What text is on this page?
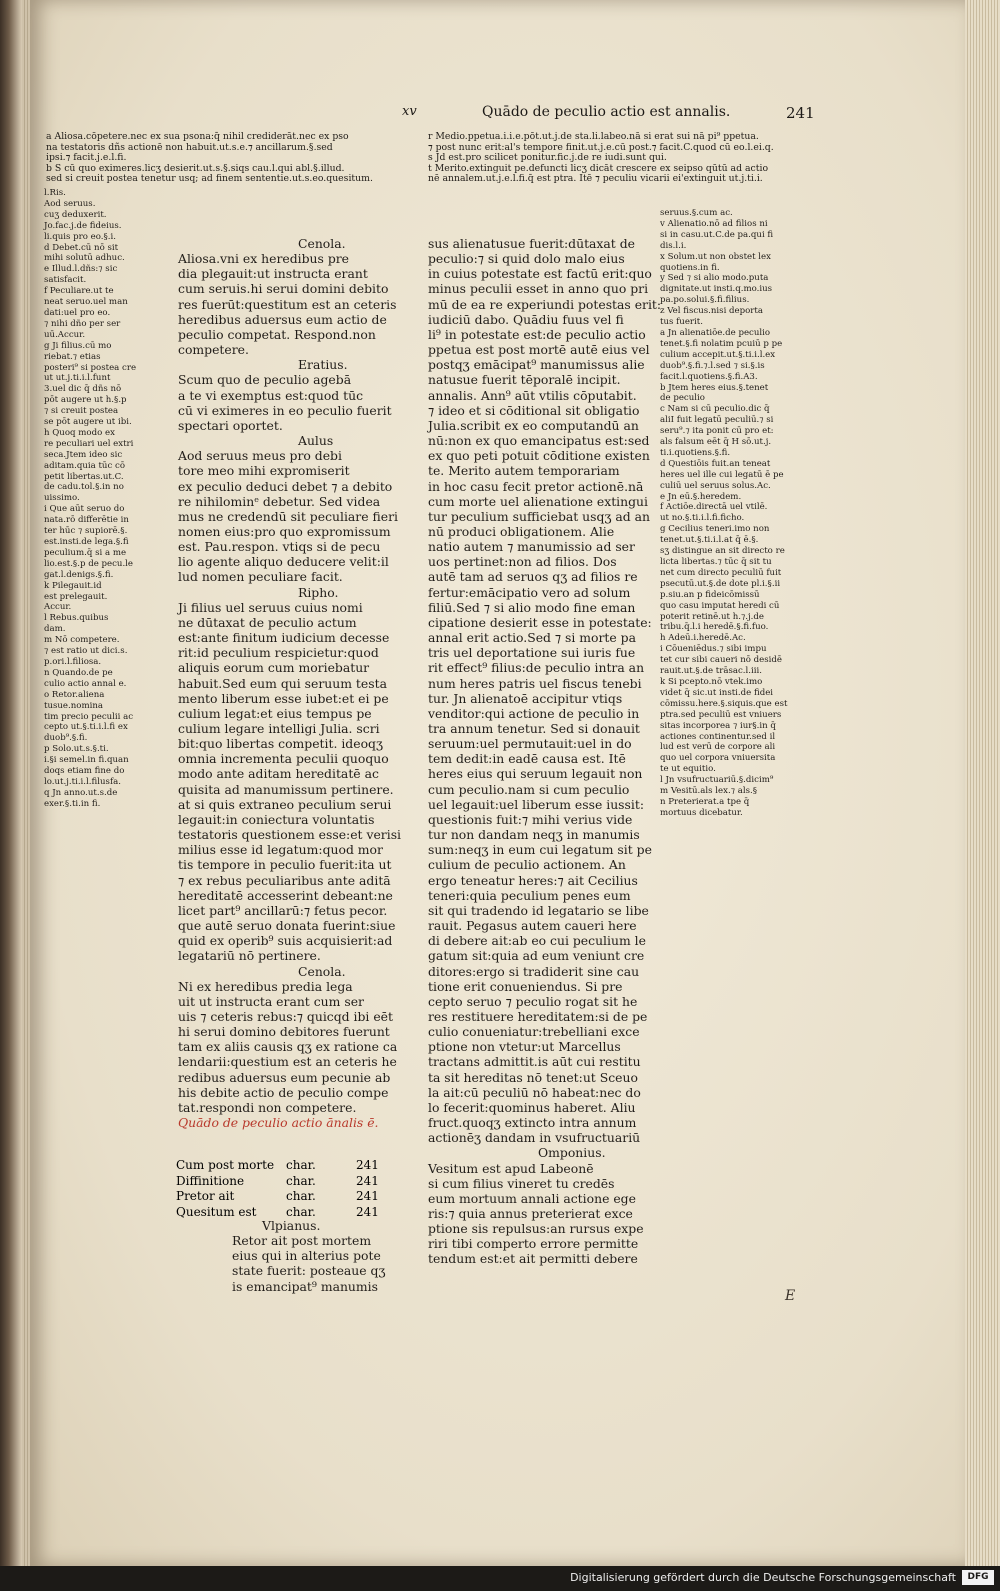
xv	Quādo de peculio actio est annalis.	241
a Aliosa.cōpetere.nec ex sua psona:q̄ nihil crediderāt.nec ex pso
na testatoris dñs actionē non habuit.ut.s.e.⁊ ancillarum.§.sed
ipsi.⁊ facit.j.e.l.fi.
b S cū quo eximeres.licʒ desierit.ut.s.§.siqs cau.l.qui abl.§.illud.
sed si creuit postea tenetur usq; ad finem sententie.ut.s.eo.quesitum.
r Medio.ppetua.i.i.e.pōt.ut.j.de sta.li.labeo.nā si erat sui nā pi⁹ ppetua.
⁊ post nunc erit:al's tempore finit.ut.j.e.cū post.⁊ facit.C.quod cū eo.l.ei.q.
s Jd est.pro scilicet ponitur.fic.j.de re iudi.sunt qui.
t Merito.extinguit pe.defuncti licʒ dicāt crescere ex seipso qūtū ad actio
nē annalem.ut.j.e.l.fi.q̄ est ptra. Itē ⁊ peculiu vicarii ei'extinguit ut.j.ti.i.
l.Ris.
Aod seruus.
cuʒ deduxerit.
Jo.fac.j.de fideius.
li.quis pro eo.§.i.
d Debet.cū nō sit
mihi solutū adhuc.
e Illud.l.dñs:⁊ sic
satisfacit.
f Peculiare.ut te
neat seruo.uel man
dati:uel pro eo.
⁊ nihi dño per ser
uū.Accur.
g Ji filius.cū mo
riebat.⁊ etias
posteri⁹ si postea cre
ut ut.j.ti.i.l.funt
3.uel dic q̄ dñs nō
pōt augere ut h.§.p
⁊ si creuit postea
se pōt augere ut ibi.
h Quoq modo ex
re peculiari uel extri
seca.Jtem ideo sic
aditam.quia tūc cō
petit libertas.ut.C.
de cadu.tol.§.in no
uissimo.
i Que aūt seruo do
nata.rō differētie in
ter hūc ⁊ supiorē.§.
est.insti.de lega.§.fi
peculium.q̄ si a me
lio.est.§.p de pecu.le
gat.l.denigs.§.fi.
k Pilegauit.id
est prelegauit.
Accur.
l Rebus.quibus
dam.
m Nō competere.
⁊ est ratio ut dici.s.
p.ori.l.filiosa.
n Quando.de pe
culio actio annal e.
o Retor.aliena
tusue.nomina
tim precio peculii ac
cepto ut.§.ti.i.l.fi ex
duob⁹.§.fi.
p Solo.ut.s.§.ti.
i.§i semel.in fi.quan
doqs etiam fine do
lo.ut.j.ti.i.l.filusfa.
q Jn anno.ut.s.de
exer.§.ti.in fi.
Cenola.
Aliosa.vni ex heredibus pre
dia plegauit:ut instructa erant
cum seruis.hi serui domini debito
res fuerūt:questitum est an ceteris
heredibus aduersus eum actio de
peculio competat. Respond.non
competere.
Eratius.
Scum quo de peculio agebā
a te vi exemptus est:quod tūc
cū vi eximeres in eo peculio fuerit
spectari oportet.
Aulus
Aod seruus meus pro debi
tore meo mihi expromiserit
ex peculio deduci debet ⁊ a debito
re nihilominᵉ debetur. Sed videa
mus ne credendū sit peculiare fieri
nomen eius:pro quo expromissum
est. Pau.respon. vtiqs si de pecu
lio agente aliquo deducere velit:il
lud nomen peculiare facit.
Ripho.
Ji filius uel seruus cuius nomi
ne dūtaxat de peculio actum
est:ante finitum iudicium decesse
rit:id peculium respicietur:quod
aliquis eorum cum moriebatur
habuit.Sed eum qui seruum testa
mento liberum esse iubet:et ei pe
culium legat:et eius tempus pe
culium legare intelligi Julia. scri
bit:quo libertas competit. ideoqʒ
omnia incrementa peculii quoquo
modo ante aditam hereditatē ac
quisita ad manumissum pertinere.
at si quis extraneo peculium serui
legauit:in coniectura voluntatis
testatoris questionem esse:et verisi
milius esse id legatum:quod mor
tis tempore in peculio fuerit:ita ut
⁊ ex rebus peculiaribus ante aditā
hereditatē accesserint debeant:ne
licet part⁹ ancillarū:⁊ fetus pecor.
que autē seruo donata fuerint:siue
quid ex operib⁹ suis acquisierit:ad
legatariū nō pertinere.
Cenola.
Ni ex heredibus predia lega
uit ut instructa erant cum ser
uis ⁊ ceteris rebus:⁊ quicqd ibi eēt
hi serui domino debitores fuerunt
tam ex aliis causis qʒ ex ratione ca
lendarii:questium est an ceteris he
redibus aduersus eum pecunie ab
his debite actio de peculio compe
tat.respondi non competere.
Quādo de peculio actio ānalis ē.
Cum post morte char.	241
Diffinitione	char.	241
Pretor ait	char.	241
Quesitum est	char.	241
Vlpianus.
Retor ait post mortem
eius qui in alterius pote
state fuerit: posteaue qʒ
is emancipat⁹ manumis
sus alienatusue fuerit:dūtaxat de
peculio:⁊ si quid dolo malo eius
in cuius potestate est factū erit:quo
minus peculii esset in anno quo pri
mū de ea re experiundi potestas erit:
iudiciū dabo. Quādiu fuus vel fi
li⁹ in potestate est:de peculio actio
ppetua est post mortē autē eius vel
postqʒ emācipat⁹ manumissus alie
natusue fuerit tēporalē incipit.
annalis. Ann⁹ aūt vtilis cōputabit.
⁊ ideo et si cōditional sit obligatio
Julia.scribit ex eo computandū an
nū:non ex quo emancipatus est:sed
ex quo peti potuit cōditione existen
te. Merito autem temporariam
in hoc casu fecit pretor actionē.nā
cum morte uel alienatione extingui
tur peculium sufficiebat usqʒ ad an
nū produci obligationem. Alie
natio autem ⁊ manumissio ad ser
uos pertinet:non ad filios. Dos
autē tam ad seruos qʒ ad filios re
fertur:emācipatio vero ad solum
filiū.Sed ⁊ si alio modo fine eman
cipatione desierit esse in potestate:
annal erit actio.Sed ⁊ si morte pa
tris uel deportatione sui iuris fue
rit effect⁹ filius:de peculio intra an
num heres patris uel fiscus tenebi
tur. Jn alienatoē accipitur vtiqs
venditor:qui actione de peculio in
tra annum tenetur. Sed si donauit
seruum:uel permutauit:uel in do
tem dedit:in eadē causa est. Itē
heres eius qui seruum legauit non
cum peculio.nam si cum peculio
uel legauit:uel liberum esse iussit:
questionis fuit:⁊ mihi verius vide
tur non dandam neqʒ in manumis
sum:neqʒ in eum cui legatum sit pe
culium de peculio actionem. An
ergo teneatur heres:⁊ ait Cecilius
teneri:quia peculium penes eum
sit qui tradendo id legatario se libe
rauit. Pegasus autem caueri here
di debere ait:ab eo cui peculium le
gatum sit:quia ad eum veniunt cre
ditores:ergo si tradiderit sine cau
tione erit conueniendus. Si pre
cepto seruo ⁊ peculio rogat sit he
res restituere hereditatem:si de pe
culio conueniatur:trebelliani exce
ptione non vtetur:ut Marcellus
tractans admittit.is aūt cui restitu
ta sit hereditas nō tenet:ut Sceuo
la ait:cū peculiū nō habeat:nec do
lo fecerit:quominus haberet. Aliu
fruct.quoqʒ extincto intra annum
actionēʒ dandam in vsufructuariū
Omponius.
Vesitum est apud Labeonē
si cum filius vineret tu credēs
eum mortuum annali actione ege
ris:⁊ quia annus preterierat exce
ptione sis repulsus:an rursus expe
riri tibi comperto errore permitte
tendum est:et ait permitti debere
seruus.§.cum ac.
v Alienatio.nō ad filios ni
si in casu.ut.C.de pa.qui fi
dis.l.i.
x Solum.ut non obstet lex
quotiens.in fi.
y Sed ⁊ si alio modo.puta
dignitate.ut insti.q.mo.ius
pa.po.solui.§.fi.filius.
z Vel fiscus.nisi deporta
tus fuerit.
a Jn alienatiōe.de peculio
tenet.§.fi nolatim pcuiū p pe
culium accepit.ut.§.ti.i.l.ex
duob⁹.§.fi.⁊.l.sed ⁊ si.§.is
facit.l.quotiens.§.fi.A3.
b Jtem heres eius.§.tenet
de peculio
c Nam si cū peculio.dic q̄
aliI fuit legatū peculiū.⁊ si
seru⁹.⁊ ita ponit cū pro et:
als falsum eēt q̄ H sō.ut.j.
ti.i.quotiens.§.fi.
d Questiōis fuit.an teneat
heres uel ille cui legatū ē pe
culiū uel seruus solus.Ac.
e Jn eū.§.heredem.
f Actiōe.directā uel vtilē.
ut no.§.ti.i.l.fi.ficho.
g Cecilius teneri.imo non
tenet.ut.§.ti.i.l.at q̄ ē.§.
sʒ distingue an sit directo re
licta libertas.⁊ tūc q̄ sit tu
net cum directo peculiū fuit
psecutū.ut.§.de dote pl.i.§.ii
p.siu.an p fideicōmissū
quo casu imputat heredi cū
poterit retinē.ut h.⁊.j.de
tribu.q̄.l.i heredē.§.fi.fuo.
h Adeū.i.heredē.Ac.
i Cōueniēdus.⁊ sibi impu
tet cur sibi caueri nō desidē
rauit.ut.§.de trāsac.l.iii.
k Si pcepto.nō vtek.imo
videt q̄ sic.ut insti.de fidei
cōmissu.here.§.siquis.que est
ptra.sed peculiū est vniuers
sitas incorporea ⁊ iur§.in q̄
actiones continentur.sed il
lud est verū de corpore ali
quo uel corpora vniuersita
te ut equitio.
l Jn vsufructuariū.§.dicim⁹
m Vesitū.als lex.⁊ als.§
n Preterierat.a tpe q̄
mortuus dicebatur.
E
Digitalisierung gefördert durch die Deutsche Forschungsgemeinschaft	DFG
